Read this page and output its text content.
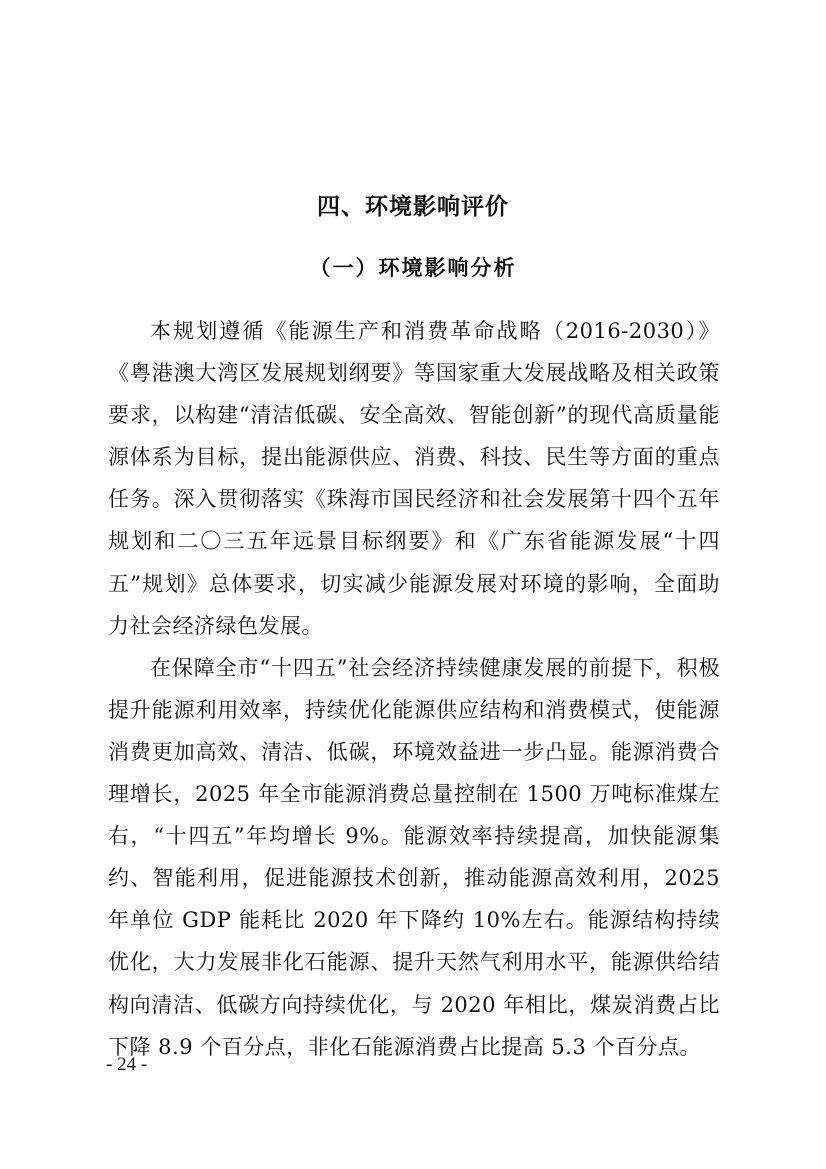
四、环境影响评价
（一）环境影响分析

本规划遵循《能源生产和消费革命战略（2016-2030）》《粤港澳大湾区发展规划纲要》等国家重大发展战略及相关政策要求，以构建“清洁低碳、安全高效、智能创新”的现代高质量能源体系为目标，提出能源供应、消费、科技、民生等方面的重点任务。深入贯彻落实《珠海市国民经济和社会发展第十四个五年规划和二〇三五年远景目标纲要》和《广东省能源发展“十四五”规划》总体要求，切实减少能源发展对环境的影响，全面助力社会经济绿色发展。

在保障全市“十四五”社会经济持续健康发展的前提下，积极提升能源利用效率，持续优化能源供应结构和消费模式，使能源消费更加高效、清洁、低碳，环境效益进一步凸显。能源消费合理增长，2025 年全市能源消费总量控制在 1500 万吨标准煤左右，“十四五”年均增长 9%。能源效率持续提高，加快能源集约、智能利用，促进能源技术创新，推动能源高效利用，2025 年单位 GDP 能耗比 2020 年下降约 10%左右。能源结构持续优化，大力发展非化石能源、提升天然气利用水平，能源供给结构向清洁、低碳方向持续优化，与 2020 年相比，煤炭消费占比下降 8.9 个百分点，非化石能源消费占比提高 5.3 个百分点。

- 24 -
